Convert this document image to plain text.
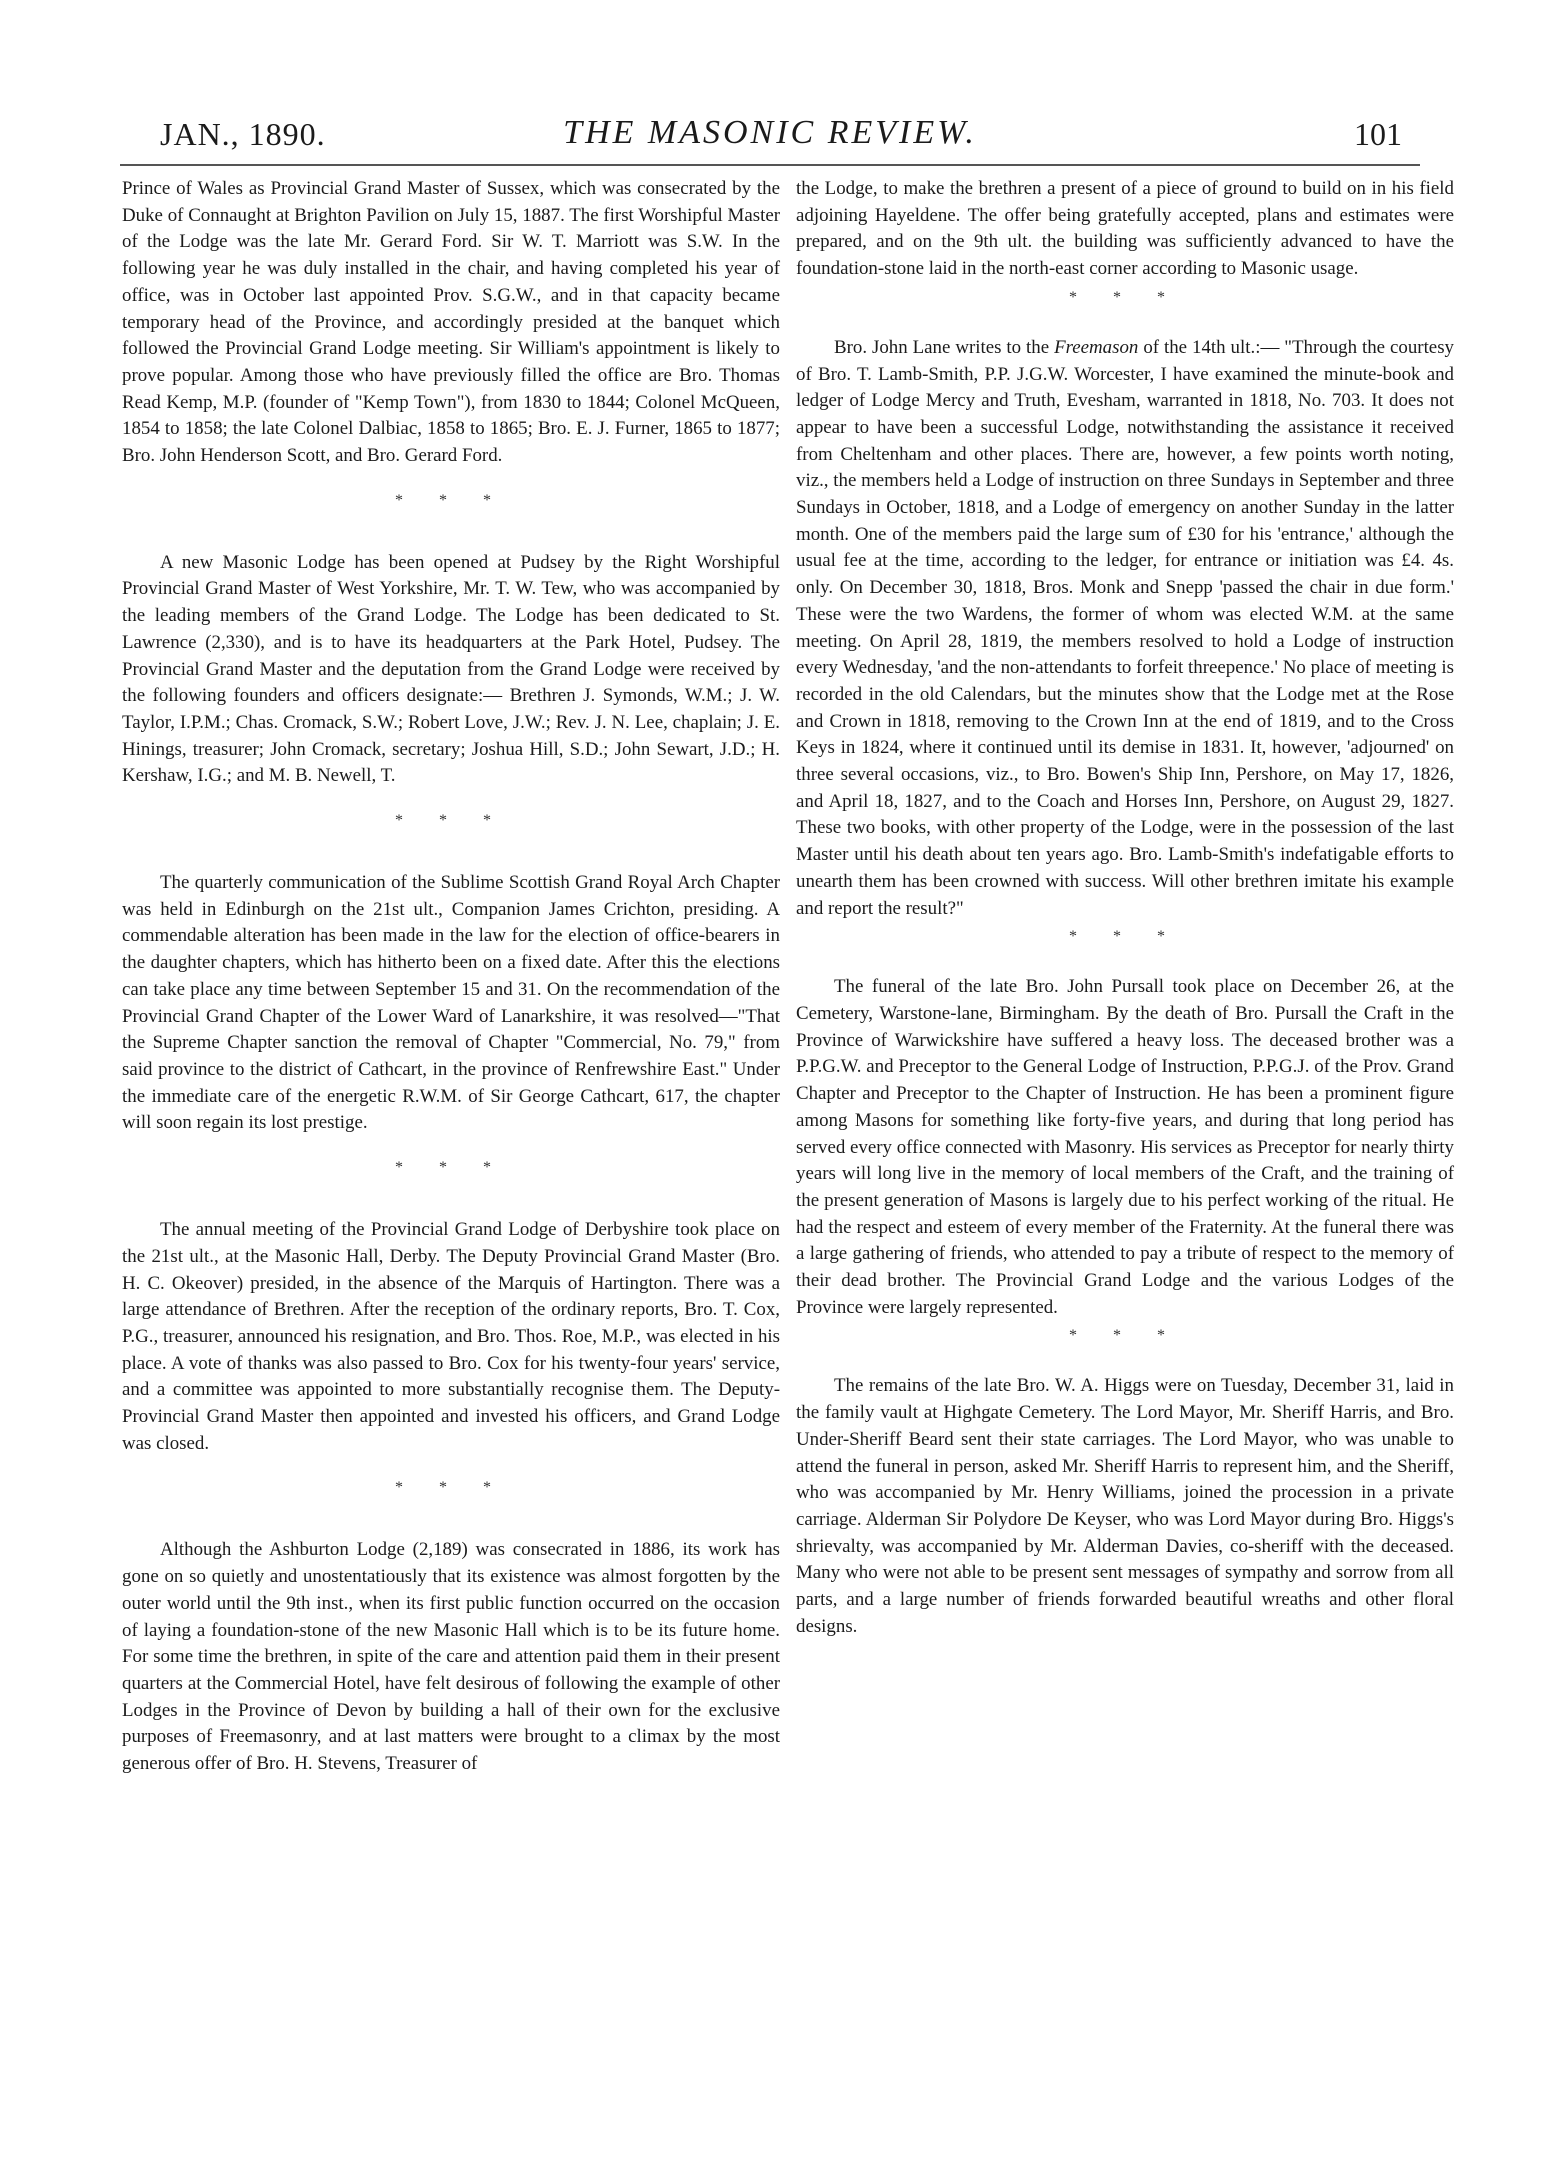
JAN., 1890.	THE MASONIC REVIEW.	101

Prince of Wales as Provincial Grand Master of Sussex, which was consecrated by the Duke of Connaught at Brighton Pavilion on July 15, 1887. The first Worshipful Master of the Lodge was the late Mr. Gerard Ford. Sir W. T. Marriott was S.W. In the following year he was duly installed in the chair, and having completed his year of office, was in October last appointed Prov. S.G.W., and in that capacity became temporary head of the Province, and accordingly presided at the banquet which followed the Provincial Grand Lodge meeting. Sir William's appointment is likely to prove popular. Among those who have previously filled the office are Bro. Thomas Read Kemp, M.P. (founder of "Kemp Town"), from 1830 to 1844; Colonel McQueen, 1854 to 1858; the late Colonel Dalbiac, 1858 to 1865; Bro. E. J. Furner, 1865 to 1877; Bro. John Henderson Scott, and Bro. Gerard Ford.

* * *

A new Masonic Lodge has been opened at Pudsey by the Right Worshipful Provincial Grand Master of West Yorkshire, Mr. T. W. Tew, who was accompanied by the leading members of the Grand Lodge. The Lodge has been dedicated to St. Lawrence (2,330), and is to have its headquarters at the Park Hotel, Pudsey. The Provincial Grand Master and the deputation from the Grand Lodge were received by the following founders and officers designate:— Brethren J. Symonds, W.M.; J. W. Taylor, I.P.M.; Chas. Cromack, S.W.; Robert Love, J.W.; Rev. J. N. Lee, chaplain; J. E. Hinings, treasurer; John Cromack, secretary; Joshua Hill, S.D.; John Sewart, J.D.; H. Kershaw, I.G.; and M. B. Newell, T.

* * *

The quarterly communication of the Sublime Scottish Grand Royal Arch Chapter was held in Edinburgh on the 21st ult., Companion James Crichton, presiding. A commendable alteration has been made in the law for the election of office-bearers in the daughter chapters, which has hitherto been on a fixed date. After this the elections can take place any time between September 15 and 31. On the recommendation of the Provincial Grand Chapter of the Lower Ward of Lanarkshire, it was resolved—"That the Supreme Chapter sanction the removal of Chapter "Commercial, No. 79," from said province to the district of Cathcart, in the province of Renfrewshire East." Under the immediate care of the energetic R.W.M. of Sir George Cathcart, 617, the chapter will soon regain its lost prestige.

* * *

The annual meeting of the Provincial Grand Lodge of Derbyshire took place on the 21st ult., at the Masonic Hall, Derby. The Deputy Provincial Grand Master (Bro. H. C. Okeover) presided, in the absence of the Marquis of Hartington. There was a large attendance of Brethren. After the reception of the ordinary reports, Bro. T. Cox, P.G., treasurer, announced his resignation, and Bro. Thos. Roe, M.P., was elected in his place. A vote of thanks was also passed to Bro. Cox for his twenty-four years' service, and a committee was appointed to more substantially recognise them. The Deputy-Provincial Grand Master then appointed and invested his officers, and Grand Lodge was closed.

* * *

Although the Ashburton Lodge (2,189) was consecrated in 1886, its work has gone on so quietly and unostentatiously that its existence was almost forgotten by the outer world until the 9th inst., when its first public function occurred on the occasion of laying a foundation-stone of the new Masonic Hall which is to be its future home. For some time the brethren, in spite of the care and attention paid them in their present quarters at the Commercial Hotel, have felt desirous of following the example of other Lodges in the Province of Devon by building a hall of their own for the exclusive purposes of Freemasonry, and at last matters were brought to a climax by the most generous offer of Bro. H. Stevens, Treasurer of

the Lodge, to make the brethren a present of a piece of ground to build on in his field adjoining Hayeldene. The offer being gratefully accepted, plans and estimates were prepared, and on the 9th ult. the building was sufficiently advanced to have the foundation-stone laid in the north-east corner according to Masonic usage.

* * *

Bro. John Lane writes to the Freemason of the 14th ult.:— "Through the courtesy of Bro. T. Lamb-Smith, P.P. J.G.W. Worcester, I have examined the minute-book and ledger of Lodge Mercy and Truth, Evesham, warranted in 1818, No. 703. It does not appear to have been a successful Lodge, notwithstanding the assistance it received from Cheltenham and other places. There are, however, a few points worth noting, viz., the members held a Lodge of instruction on three Sundays in September and three Sundays in October, 1818, and a Lodge of emergency on another Sunday in the latter month. One of the members paid the large sum of £30 for his 'entrance,' although the usual fee at the time, according to the ledger, for entrance or initiation was £4. 4s. only. On December 30, 1818, Bros. Monk and Snepp 'passed the chair in due form.' These were the two Wardens, the former of whom was elected W.M. at the same meeting. On April 28, 1819, the members resolved to hold a Lodge of instruction every Wednesday, 'and the non-attendants to forfeit threepence.' No place of meeting is recorded in the old Calendars, but the minutes show that the Lodge met at the Rose and Crown in 1818, removing to the Crown Inn at the end of 1819, and to the Cross Keys in 1824, where it continued until its demise in 1831. It, however, 'adjourned' on three several occasions, viz., to Bro. Bowen's Ship Inn, Pershore, on May 17, 1826, and April 18, 1827, and to the Coach and Horses Inn, Pershore, on August 29, 1827. These two books, with other property of the Lodge, were in the possession of the last Master until his death about ten years ago. Bro. Lamb-Smith's indefatigable efforts to unearth them has been crowned with success. Will other brethren imitate his example and report the result?"

* * *

The funeral of the late Bro. John Pursall took place on December 26, at the Cemetery, Warstone-lane, Birmingham. By the death of Bro. Pursall the Craft in the Province of Warwickshire have suffered a heavy loss. The deceased brother was a P.P.G.W. and Preceptor to the General Lodge of Instruction, P.P.G.J. of the Prov. Grand Chapter and Preceptor to the Chapter of Instruction. He has been a prominent figure among Masons for something like forty-five years, and during that long period has served every office connected with Masonry. His services as Preceptor for nearly thirty years will long live in the memory of local members of the Craft, and the training of the present generation of Masons is largely due to his perfect working of the ritual. He had the respect and esteem of every member of the Fraternity. At the funeral there was a large gathering of friends, who attended to pay a tribute of respect to the memory of their dead brother. The Provincial Grand Lodge and the various Lodges of the Province were largely represented.

* * *

The remains of the late Bro. W. A. Higgs were on Tuesday, December 31, laid in the family vault at Highgate Cemetery. The Lord Mayor, Mr. Sheriff Harris, and Bro. Under-Sheriff Beard sent their state carriages. The Lord Mayor, who was unable to attend the funeral in person, asked Mr. Sheriff Harris to represent him, and the Sheriff, who was accompanied by Mr. Henry Williams, joined the procession in a private carriage. Alderman Sir Polydore De Keyser, who was Lord Mayor during Bro. Higgs's shrievalty, was accompanied by Mr. Alderman Davies, co-sheriff with the deceased. Many who were not able to be present sent messages of sympathy and sorrow from all parts, and a large number of friends forwarded beautiful wreaths and other floral designs.
